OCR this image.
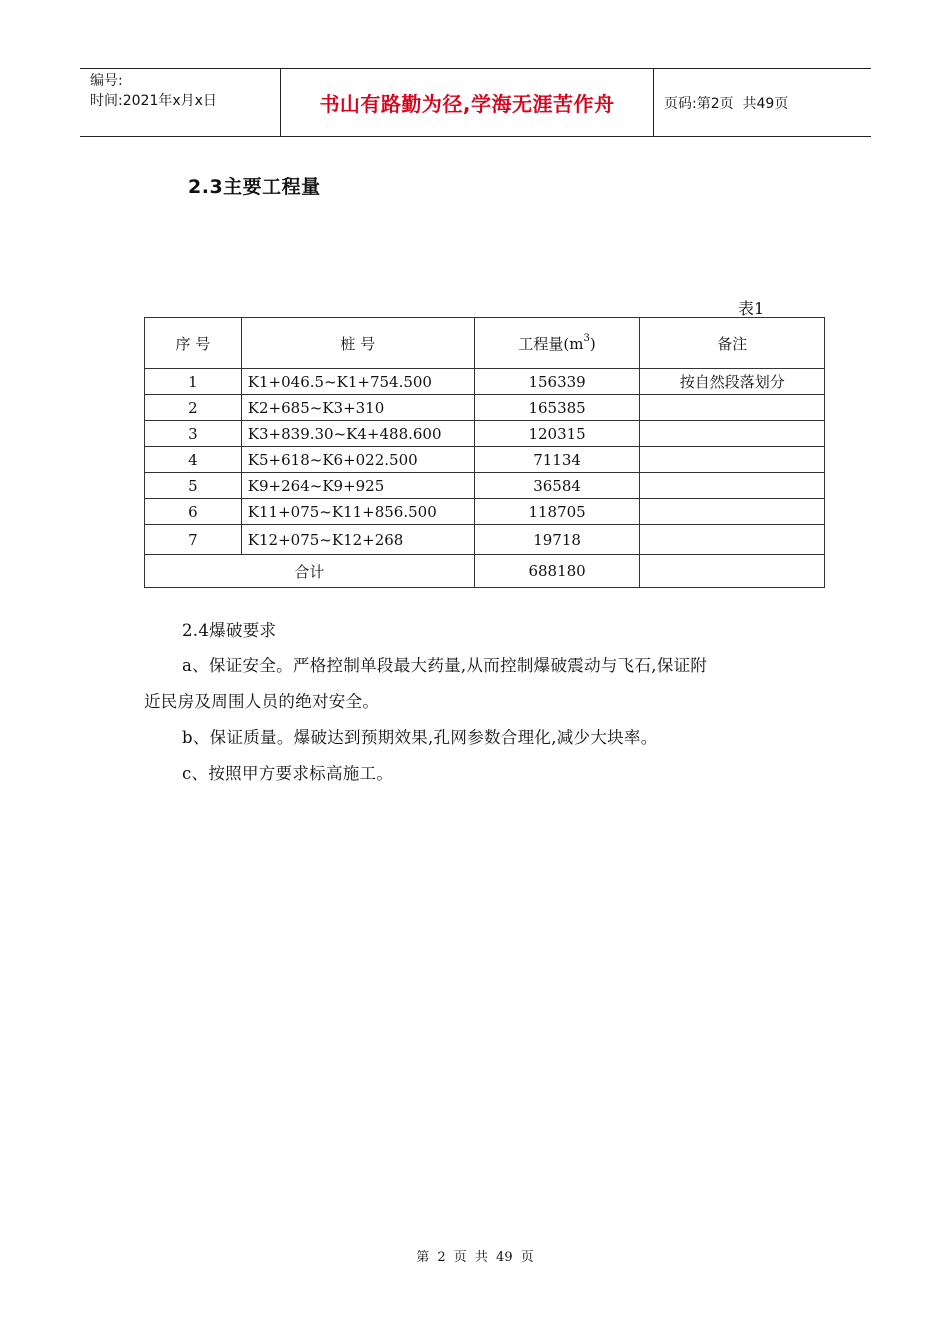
编号:
时间:2021年x月x日	书山有路勤为径,学海无涯苦作舟	页码:第2页  共49页
2.3主要工程量
表1
序 号	桩 号	工程量$(m^3)$	备注
1	K1+046.5~K1+754.500	156339	按自然段落划分
2	K2+685~K3+310	165385	
3	K3+839.30~K4+488.600	120315	
4	K5+618~K6+022.500	71134	
5	K9+264~K9+925	36584	
6	K11+075~K11+856.500	118705	
7	K12+075~K12+268	19718	
合计		688180	
2.4爆破要求
a、保证安全。严格控制单段最大药量,从而控制爆破震动与飞石,保证附
近民房及周围人员的绝对安全。
b、保证质量。爆破达到预期效果,孔网参数合理化,减少大块率。
c、按照甲方要求标高施工。
第 2 页 共 49 页
